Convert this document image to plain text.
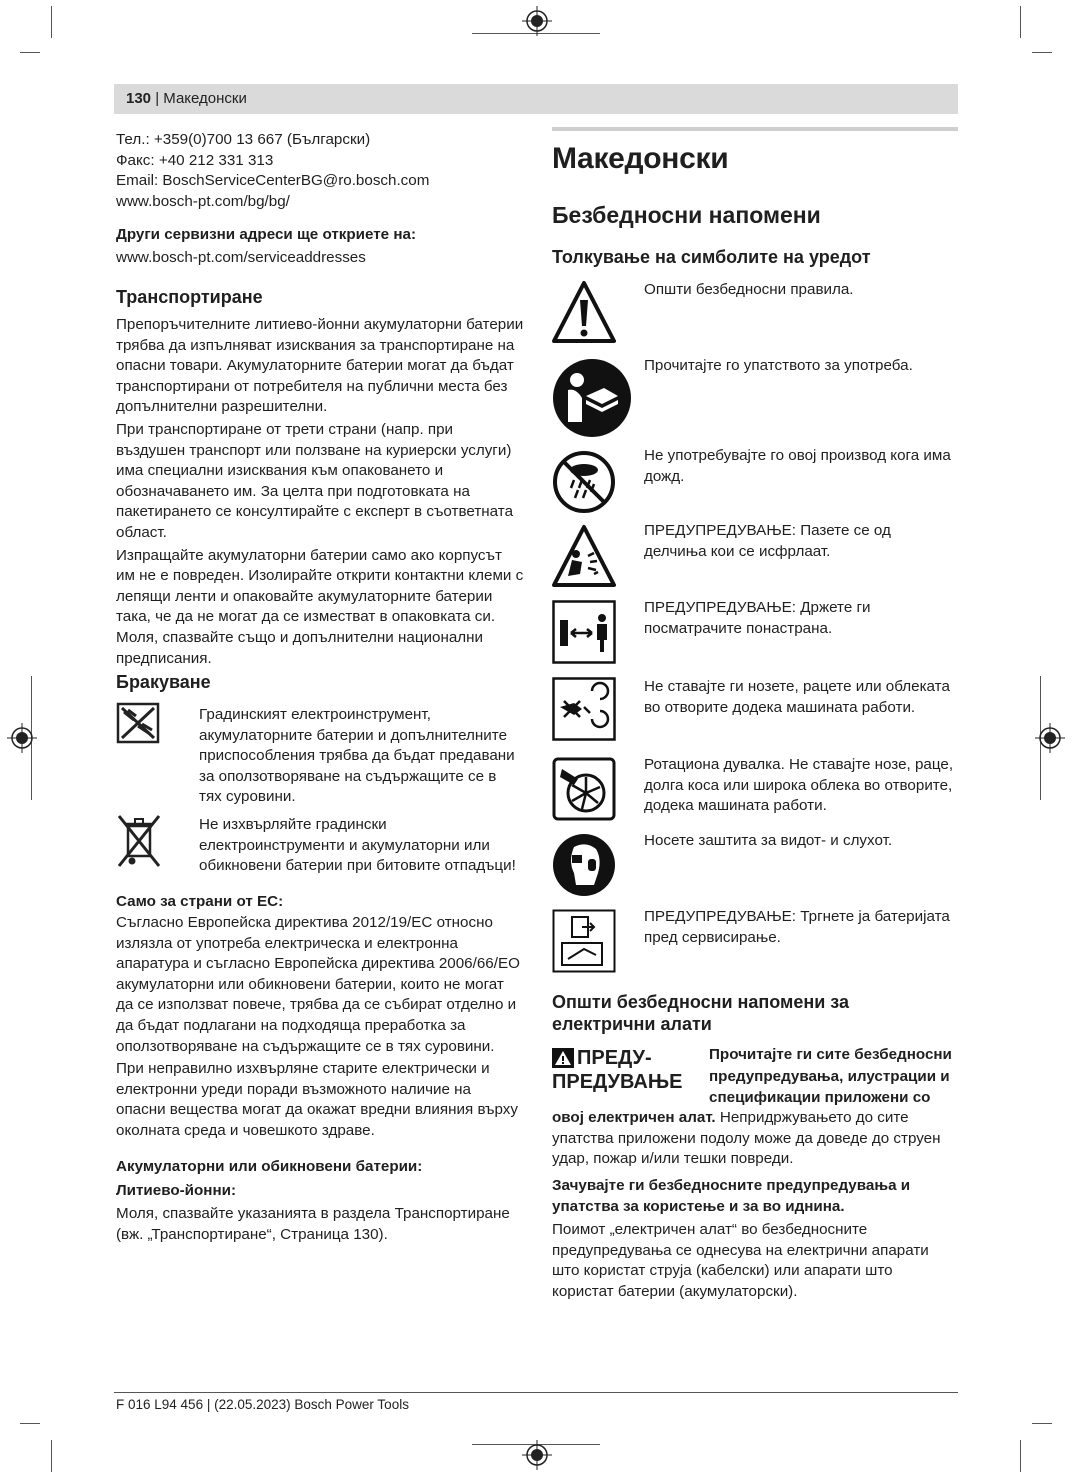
130 | Македонски

Тел.: +359(0)700 13 667 (Български)

Факс: +40 212 331 313

Email: BoschServiceCenterBG@ro.bosch.com

www.bosch-pt.com/bg/bg/

Други сервизни адреси ще откриете на:
www.bosch-pt.com/serviceaddresses
Транспортиране

Препоръчителните литиево-йонни акумулаторни батерии трябва да изпълняват изисквания за транспортиране на опасни товари. Акумулаторните батерии могат да бъдат транспортирани от потребителя на публични места без допълнителни разрешителни.

При транспортиране от трети страни (напр. при въздушен транспорт или ползване на куриерски услуги) има специални изисквания към опаковането и обозначаването им. За целта при подготовката на пакетирането се консултирайте с експерт в съответната област.

Изпращайте акумулаторни батерии само ако корпусът им не е повреден. Изолирайте открити контактни клеми с лепящи ленти и опаковайте акумулаторните батерии така, че да не могат да се изместват в опаковката си. Моля, спазвайте също и допълнителни национални предписания.

Бракуване
Градинският електроинструмент, акумулаторните батерии и допълнителните приспособления трябва да бъдат предавани за оползотворяване на съдържащите се в тях суровини.
Не изхвърляйте градински електроинструменти и акумулаторни или обикновени батерии при битовите отпадъци!
Само за страни от ЕС:

Съгласно Европейска директива 2012/19/ЕС относно излязла от употреба електрическа и електронна апаратура и съгласно Европейска директива 2006/66/ЕО акумулаторни или обикновени батерии, които не могат да се използват повече, трябва да се събират отделно и да бъдат подлагани на подходяща преработка за оползотворяване на съдържащите се в тях суровини.

При неправилно изхвърляне старите електрически и електронни уреди поради възможното наличие на опасни вещества могат да окажат вредни влияния върху околната среда и човешкото здраве.

Акумулаторни или обикновени батерии:
Литиево-йонни:
Моля, спазвайте указанията в раздела Транспортиране (вж. „Транспортиране“, Страница 130).
Македонски
Безбедносни напомени
Толкување на симболите на уредот
Општи безбедносни правила.
Прочитајте го упатството за употреба.
Не употребувајте го овој производ кога има дожд.
ПРЕДУПРЕДУВАЊЕ: Пазете се од делчиња кои се исфрлаат.
ПРЕДУПРЕДУВАЊЕ: Држете ги посматрачите понастрана.
Не ставајте ги нозете, рацете или облеката во отворите додека машината работи.
Ротациона дувалка. Не ставајте нозе, раце, долга коса или широка облека во отворите, додека машината работи.
Носете заштита за видот- и слухот.
ПРЕДУПРЕДУВАЊЕ: Тргнете ја батеријата пред сервисирање.
Општи безбедносни напомени за електрични алати
ПРЕДУ-
ПРЕДУВАЊЕ
Прочитајте ги сите безбедносни предупредувања, илустрации и спецификации приложени со
овој електричен алат. Непридржувањето до сите упатства приложени подолу може да доведе до струен удар, пожар и/или тешки повреди.
Зачувајте ги безбедносните предупредувања и упатства за користење и за во иднина.
Поимот „електричен алат“ во безбедносните предупредувања се однесува на електрични апарати што користат струја (кабелски) или апарати што користат батерии (акумулаторски).
F 016 L94 456 | (22.05.2023) Bosch Power Tools
